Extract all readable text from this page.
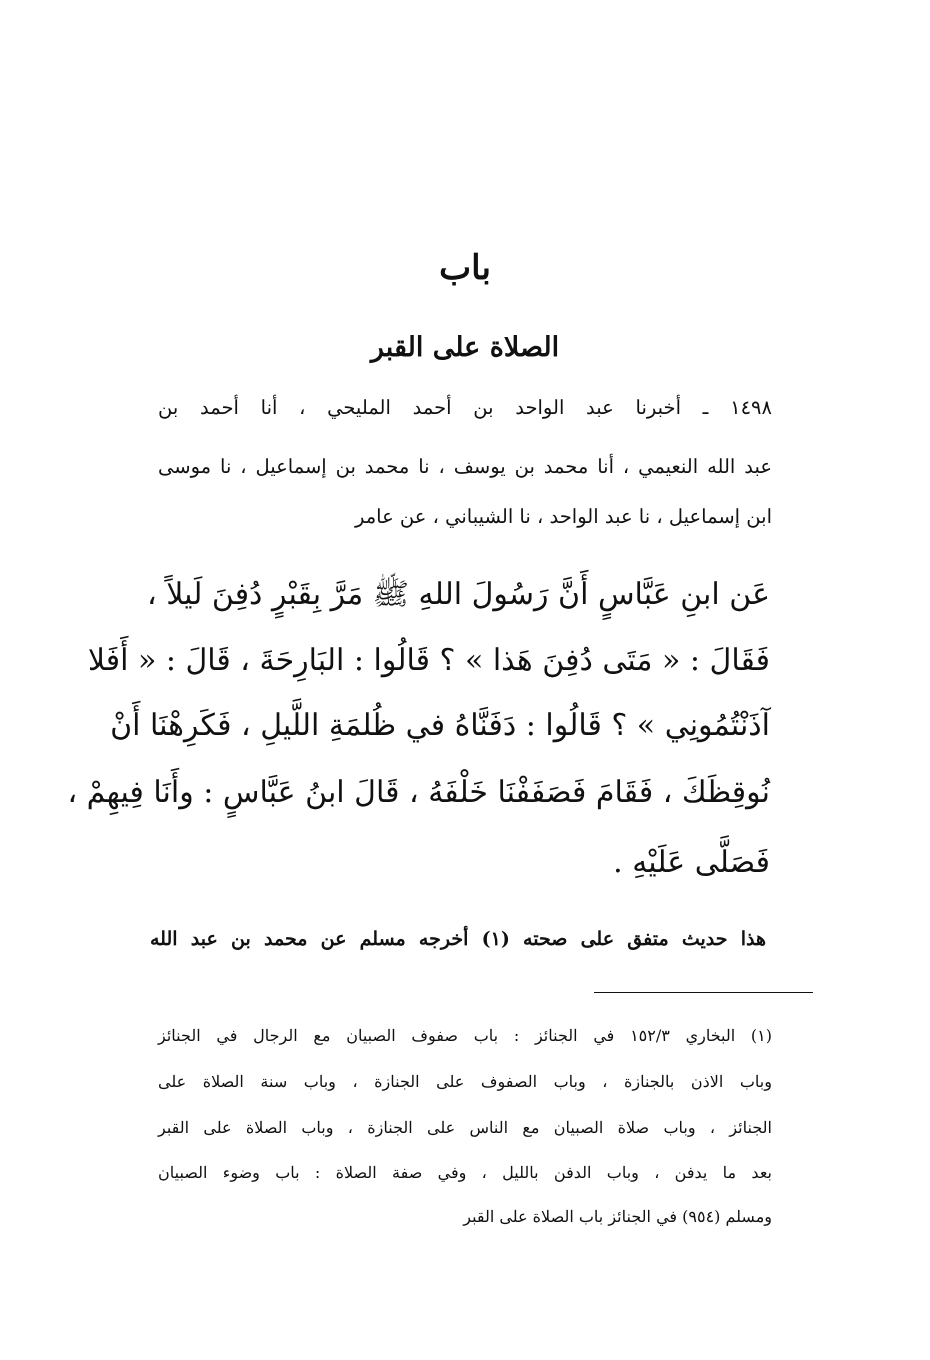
باب
الصلاة على القبر
١٤٩٨ ـ أخبرنا عبد الواحد بن أحمد المليحي ، أنا أحمد بن
عبد الله النعيمي ، أنا محمد بن يوسف ، نا محمد بن إسماعيل ، نا موسى
ابن إسماعيل ، نا عبد الواحد ، نا الشيباني ، عن عامر
عَن ابنِ عَبَّاسٍ أَنَّ رَسُولَ اللهِ ﷺ مَرَّ بِقَبْرٍ دُفِنَ لَيلاً ،
فَقَالَ : « مَتَى دُفِنَ هَذا » ؟ قَالُوا : البَارِحَةَ ، قَالَ : « أَفَلا
آذَنْتُمُونِي » ؟ قَالُوا : دَفَنَّاهُ في ظُلمَةِ اللَّيلِ ، فَكَرِهْنَا أَنْ
نُوقِظَكَ ، فَقَامَ فَصَفَفْنَا خَلْفَهُ ، قَالَ ابنُ عَبَّاسٍ : وأَنَا فِيهِمْ ،
فَصَلَّى عَلَيْهِ .
هذا حديث متفق على صحته (١) أخرجه مسلم عن محمد بن عبد الله
(١) البخاري ١٥٢/٣ في الجنائز : باب صفوف الصبيان مع الرجال في الجنائز
وباب الاذن بالجنازة ، وباب الصفوف على الجنازة ، وباب سنة الصلاة على
الجنائز ، وباب صلاة الصبيان مع الناس على الجنازة ، وباب الصلاة على القبر
بعد ما يدفن ، وباب الدفن بالليل ، وفي صفة الصلاة : باب وضوء الصبيان
ومسلم (٩٥٤) في الجنائز باب الصلاة على القبر
